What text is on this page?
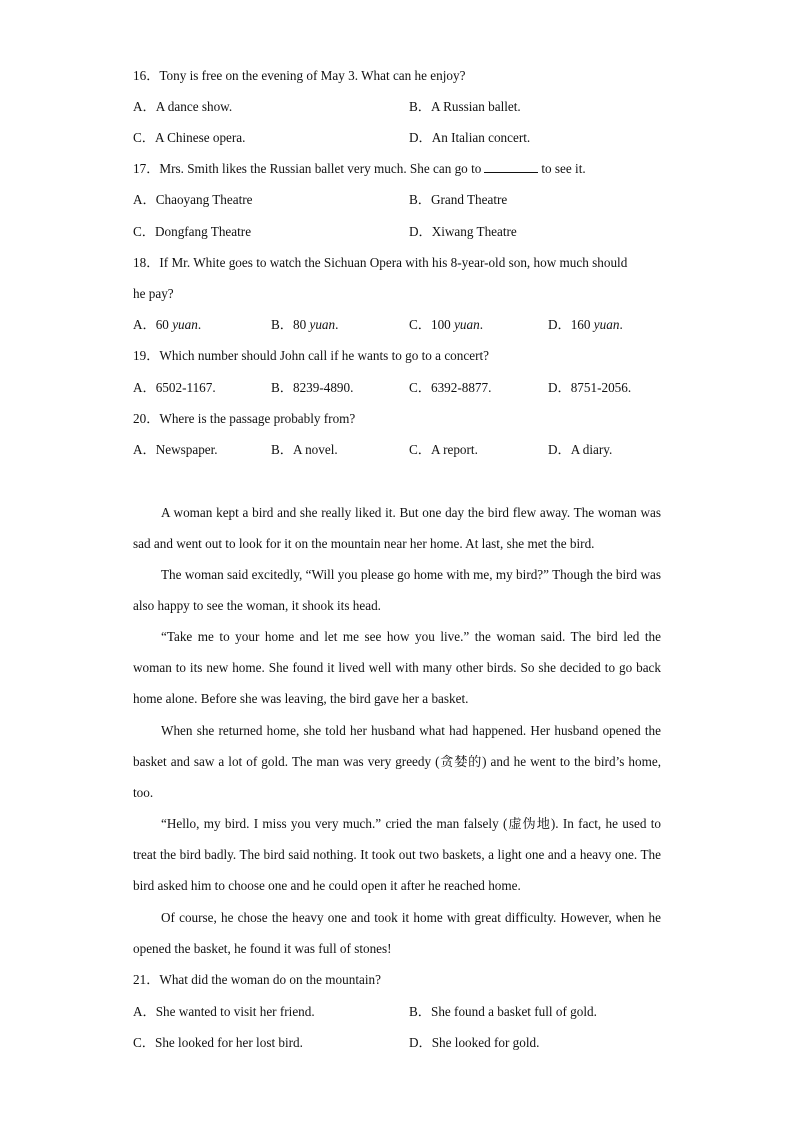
16．Tony is free on the evening of May 3. What can he enjoy?
A．A dance show.	B．A Russian ballet.
C．A Chinese opera.	D．An Italian concert.
17．Mrs. Smith likes the Russian ballet very much. She can go to	to see it.
A．Chaoyang Theatre	B．Grand Theatre
C．Dongfang Theatre	D．Xiwang Theatre
18．If Mr. White goes to watch the Sichuan Opera with his 8-year-old son, how much should
he pay?
A．60 yuan.	B．80 yuan.	C．100 yuan.	D．160 yuan.
19．Which number should John call if he wants to go to a concert?
A．6502-1167.	B．8239-4890.	C．6392-8877.	D．8751-2056.
20．Where is the passage probably from?
A．Newspaper.	B．A novel.	C．A report.	D．A diary.
A woman kept a bird and she really liked it. But one day the bird flew away. The woman was sad and went out to look for it on the mountain near her home. At last, she met the bird.
The woman said excitedly, “Will you please go home with me, my bird?” Though the bird was also happy to see the woman, it shook its head.
“Take me to your home and let me see how you live.” the woman said. The bird led the woman to its new home. She found it lived well with many other birds. So she decided to go back home alone. Before she was leaving, the bird gave her a basket.
When she returned home, she told her husband what had happened. Her husband opened the basket and saw a lot of gold. The man was very greedy (贪婪的) and he went to the bird’s home, too.
“Hello, my bird. I miss you very much.” cried the man falsely (虚伪地). In fact, he used to treat the bird badly. The bird said nothing. It took out two baskets, a light one and a heavy one. The bird asked him to choose one and he could open it after he reached home.
Of course, he chose the heavy one and took it home with great difficulty. However, when he opened the basket, he found it was full of stones!
21．What did the woman do on the mountain?
A．She wanted to visit her friend.	B．She found a basket full of gold.
C．She looked for her lost bird.	D．She looked for gold.
